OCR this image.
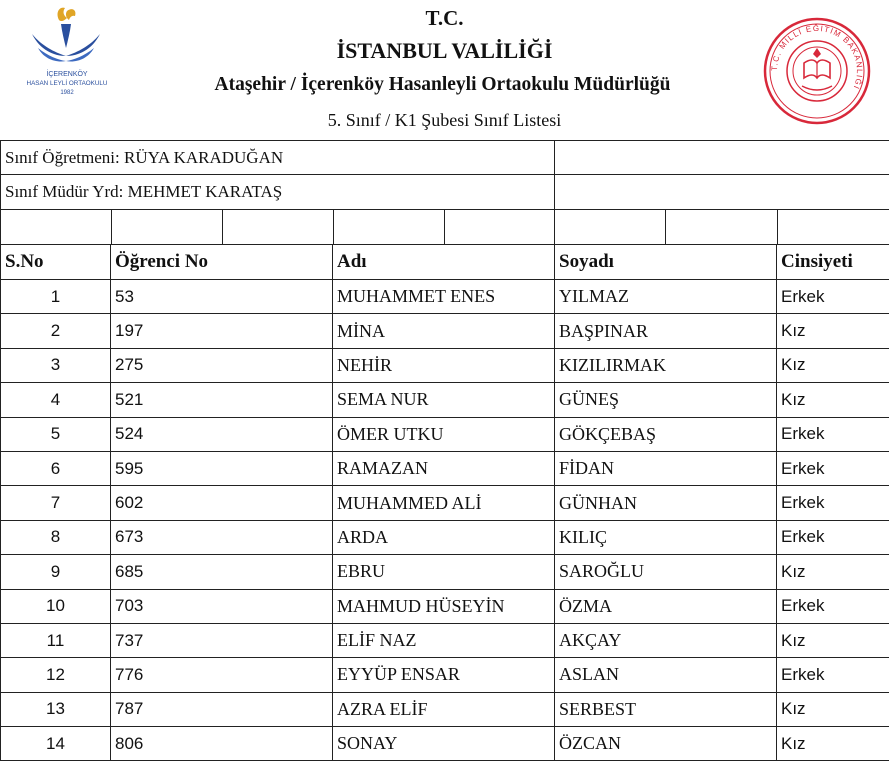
İÇERENKÖY
HASAN LEYLİ ORTAOKULU
1982
T.C.
İSTANBUL VALİLİĞİ
Ataşehir / İçerenköy Hasanleyli Ortaokulu Müdürlüğü
5. Sınıf / K1 Şubesi Sınıf Listesi
T.C. MİLLÎ EĞİTİM BAKANLIĞI
Sınıf Öğretmeni: RÜYA KARADUĞAN							
Sınıf Müdür Yrd: MEHMET KARATAŞ							

S.No	Öğrenci No	Adı	Soyadı	Cinsiyeti
1	53	MUHAMMET ENES	YILMAZ	Erkek
2	197	MİNA	BAŞPINAR	Kız
3	275	NEHİR	KIZILIRMAK	Kız
4	521	SEMA NUR	GÜNEŞ	Kız
5	524	ÖMER UTKU	GÖKÇEBAŞ	Erkek
6	595	RAMAZAN	FİDAN	Erkek
7	602	MUHAMMED ALİ	GÜNHAN	Erkek
8	673	ARDA	KILIÇ	Erkek
9	685	EBRU	SAROĞLU	Kız
10	703	MAHMUD HÜSEYİN	ÖZMA	Erkek
11	737	ELİF NAZ	AKÇAY	Kız
12	776	EYYÜP ENSAR	ASLAN	Erkek
13	787	AZRA ELİF	SERBEST	Kız
14	806	SONAY	ÖZCAN	Kız
